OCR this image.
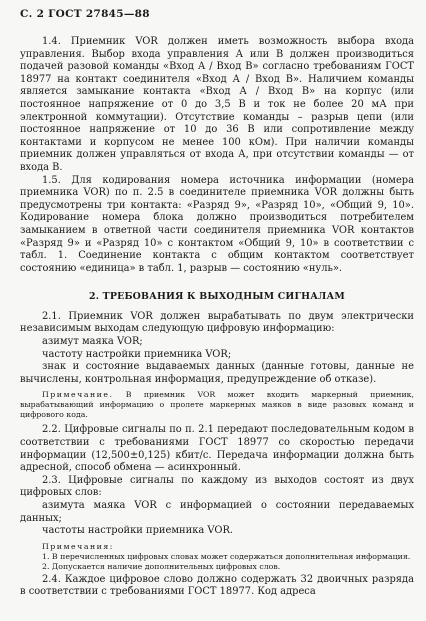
С. 2 ГОСТ 27845—88

1.4. Приемник VOR должен иметь возможность выбора входа управления. Выбор входа управления А или В должен производиться подачей разовой команды «Вход А / Вход В» согласно требованиям ГОСТ 18977 на контакт соединителя «Вход А / Вход В». Наличием команды является замыкание контакта «Вход А / Вход В» на корпус (или постоянное напряжение от 0 до 3,5 В и ток не более 20 мА при электронной коммутации). Отсутствие команды – разрыв цепи (или постоянное напряжение от 10 до 36 В или сопротивление между контактами и корпусом не менее 100 кОм). При наличии команды приемник должен управляться от входа А, при отсутствии команды — от входа В.

1.5. Для кодирования номера источника информации (номера приемника VOR) по п. 2.5 в соединителе приемника VOR должны быть предусмотрены три контакта: «Разряд 9», «Разряд 10», «Общий 9, 10». Кодирование номера блока должно производиться потребителем замыканием в ответной части соединителя приемника VOR контактов «Разряд 9» и «Разряд 10» с контактом «Общий 9, 10» в соответствии с табл. 1. Соединение контакта с общим контактом соответствует состоянию «единица» в табл. 1, разрыв — состоянию «нуль».

2. ТРЕБОВАНИЯ К ВЫХОДНЫМ СИГНАЛАМ

2.1. Приемник VOR должен вырабатывать по двум электрически независимым выходам следующую цифровую информацию:

азимут маяка VOR;

частоту настройки приемника VOR;

знак и состояние выдаваемых данных (данные готовы, данные не вычислены, контрольная информация, предупреждение об отказе).

Примечание. В приемник VOR может входить маркерный приемник, вырабатывающий информацию о пролете маркерных маяков в виде разовых команд и цифрового кода.

2.2. Цифровые сигналы по п. 2.1 передают последовательным кодом в соответствии с требованиями ГОСТ 18977 со скоростью передачи информации (12,500±0,125) кбит/с. Передача информации должна быть адресной, способ обмена — асинхронный.

2.3. Цифровые сигналы по каждому из выходов состоят из двух цифровых слов:

азимута маяка VOR с информацией о состоянии передаваемых данных;

частоты настройки приемника VOR.

Примечания:

1. В перечисленных цифровых словах может содержаться дополнительная информация.

2. Допускается наличие дополнительных цифровых слов.

2.4. Каждое цифровое слово должно содержать 32 двоичных разряда в соответствии с требованиями ГОСТ 18977. Код адреса
